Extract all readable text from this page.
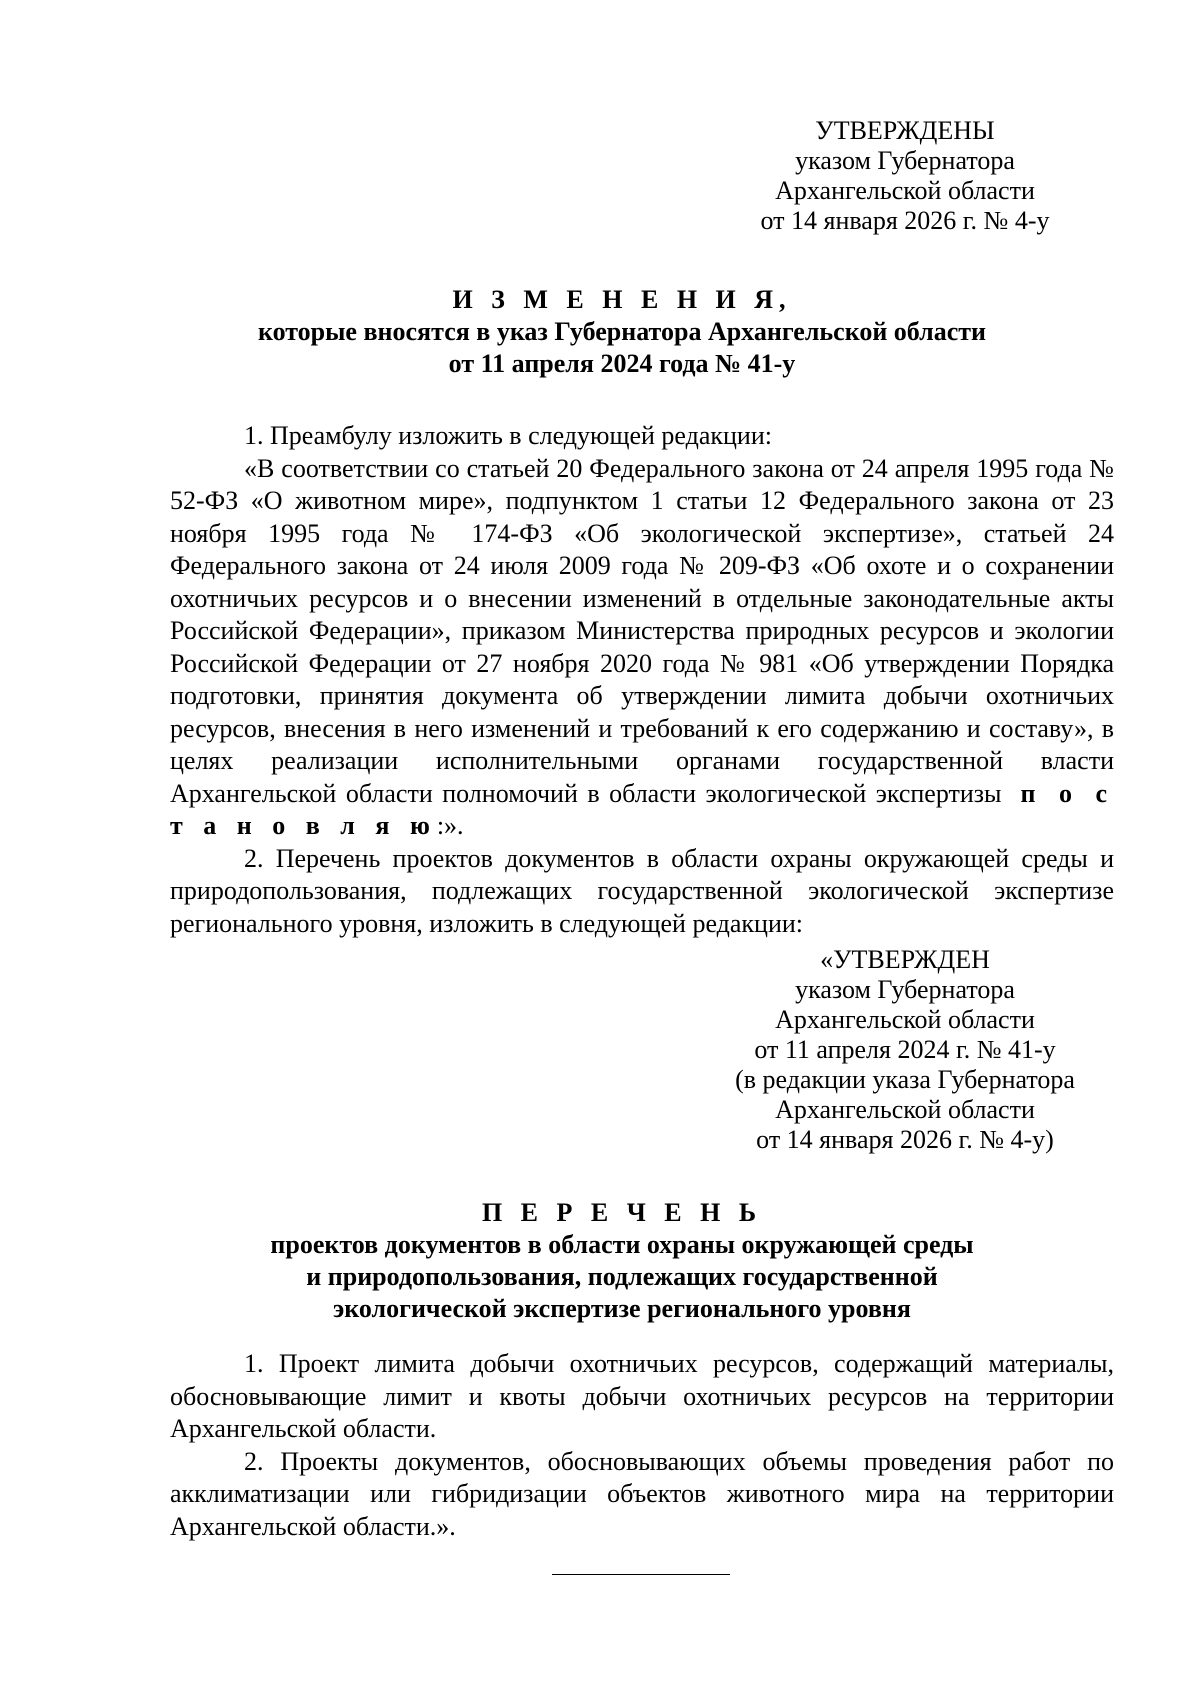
УТВЕРЖДЕНЫ
указом Губернатора
Архангельской области
от 14 января 2026 г. № 4-у
И З М Е Н Е Н И Я,
которые вносятся в указ Губернатора Архангельской области
от 11 апреля 2024 года № 41-у

1. Преамбулу изложить в следующей редакции:

«В соответствии со статьей 20 Федерального закона от 24 апреля 1995 года № 52-ФЗ «О животном мире», подпунктом 1 статьи 12 Федерального закона от 23 ноября 1995 года № 174-ФЗ «Об экологической экспертизе», статьей 24 Федерального закона от 24 июля 2009 года № 209-ФЗ «Об охоте и о сохранении охотничьих ресурсов и о внесении изменений в отдельные законодательные акты Российской Федерации», приказом Министерства природных ресурсов и экологии Российской Федерации от 27 ноября 2020 года № 981 «Об утверждении Порядка подготовки, принятия документа об утверждении лимита добычи охотничьих ресурсов, внесения в него изменений и требований к его содержанию и составу», в целях реализации исполнительными органами государственной власти Архангельской области полномочий в области экологической экспертизы п о с т а н о в л я ю:».

2. Перечень проектов документов в области охраны окружающей среды и природопользования, подлежащих государственной экологической экспертизе регионального уровня, изложить в следующей редакции:

«УТВЕРЖДЕН
указом Губернатора
Архангельской области
от 11 апреля 2024 г. № 41-у
(в редакции указа Губернатора
Архангельской области
от 14 января 2026 г. № 4-у)
П Е Р Е Ч Е Н Ь
проектов документов в области охраны окружающей среды
и природопользования, подлежащих государственной
экологической экспертизе регионального уровня

1. Проект лимита добычи охотничьих ресурсов, содержащий материалы, обосновывающие лимит и квоты добычи охотничьих ресурсов на территории Архангельской области.

2. Проекты документов, обосновывающих объемы проведения работ по акклиматизации или гибридизации объектов животного мира на территории Архангельской области.».
